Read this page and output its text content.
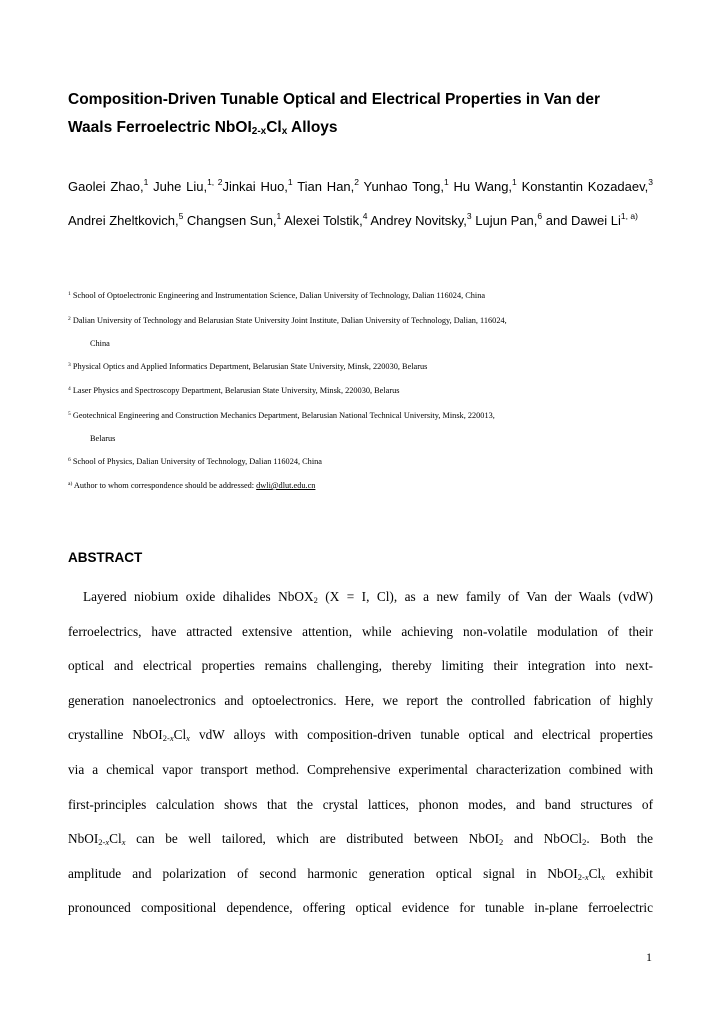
Composition-Driven Tunable Optical and Electrical Properties in Van der
Waals Ferroelectric $NbOI_{2-x}Cl_x$ Alloys
Gaolei Zhao,$^1$ Juhe Liu,$^{1, 2}$Jinkai Huo,$^1$ Tian Han,$^2$ Yunhao Tong,$^1$ Hu Wang,$^1$ Konstantin Kozadaev,$^3$ Andrei Zheltkovich,$^5$ Changsen Sun,$^1$ Alexei Tolstik,$^4$ Andrey Novitsky,$^3$ Lujun Pan,$^6$ and Dawei Li$^{1, a)}$
$^1$ School of Optoelectronic Engineering and Instrumentation Science, Dalian University of Technology, Dalian 116024, China
$^2$ Dalian University of Technology and Belarusian State University Joint Institute, Dalian University of Technology, Dalian, 116024,
China
$^3$ Physical Optics and Applied Informatics Department, Belarusian State University, Minsk, 220030, Belarus
$^4$ Laser Physics and Spectroscopy Department, Belarusian State University, Minsk, 220030, Belarus
$^5$ Geotechnical Engineering and Construction Mechanics Department, Belarusian National Technical University, Minsk, 220013,
Belarus
$^6$ School of Physics, Dalian University of Technology, Dalian 116024, China
$^{a)}$ Author to whom correspondence should be addressed: dwli@dlut.edu.cn
ABSTRACT
Layered niobium oxide dihalides NbOX$_2$ (X = I, Cl), as a new family of Van der Waals (vdW)
ferroelectrics, have attracted extensive attention, while achieving non-volatile modulation of their
optical and electrical properties remains challenging, thereby limiting their integration into next-
generation nanoelectronics and optoelectronics. Here, we report the controlled fabrication of highly
crystalline $NbOI_{2-x}Cl_x$ vdW alloys with composition-driven tunable optical and electrical properties
via a chemical vapor transport method. Comprehensive experimental characterization combined with
first-principles calculation shows that the crystal lattices, phonon modes, and band structures of
$NbOI_{2-x}Cl_x$ can be well tailored, which are distributed between NbOI$_2$ and NbOCl$_2$. Both the
amplitude and polarization of second harmonic generation optical signal in $NbOI_{2-x}Cl_x$ exhibit
pronounced compositional dependence, offering optical evidence for tunable in-plane ferroelectric
1
